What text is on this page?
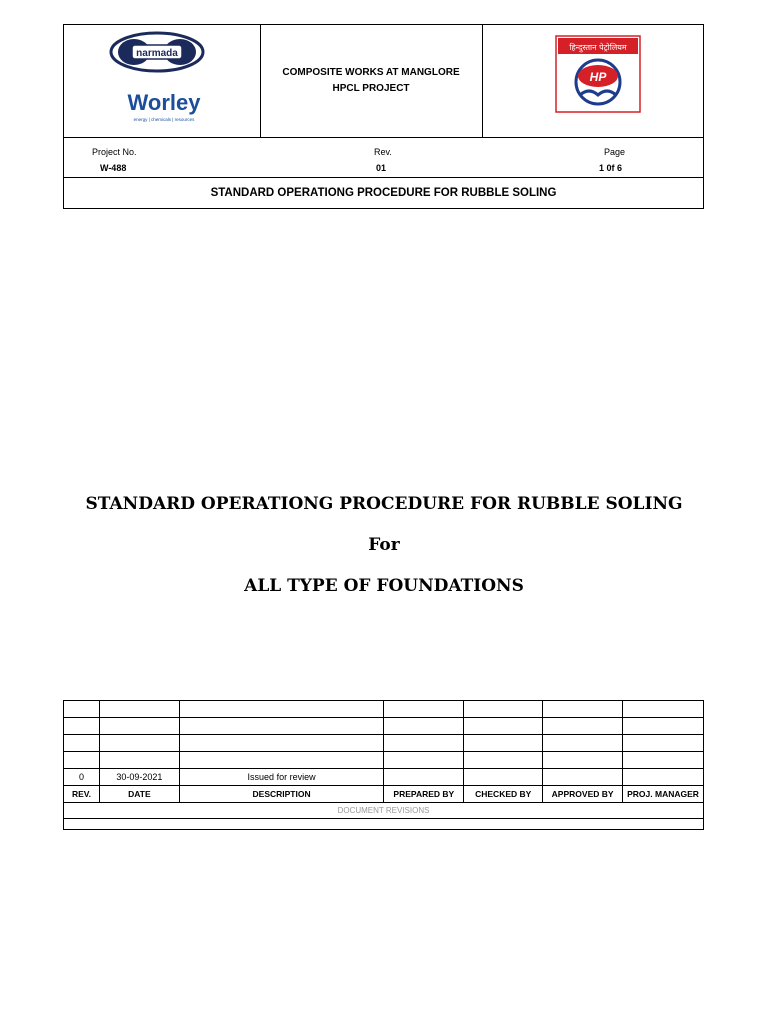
narmada
Worley
energy | chemicals | resources
COMPOSITE WORKS AT MANGLORE
HPCL PROJECT
हिन्दुस्तान पेट्रोलियम
HP
Project No.
W-488
Rev.
01
Page
1 0f 6
STANDARD OPERATIONG PROCEDURE FOR RUBBLE SOLING
STANDARD OPERATIONG PROCEDURE FOR RUBBLE SOLING
For
ALL TYPE OF FOUNDATIONS

0	30-09-2021	Issued for review				
REV.	DATE	DESCRIPTION	PREPARED BY	CHECKED BY	APPROVED BY	PROJ. MANAGER
DOCUMENT REVISIONS						
